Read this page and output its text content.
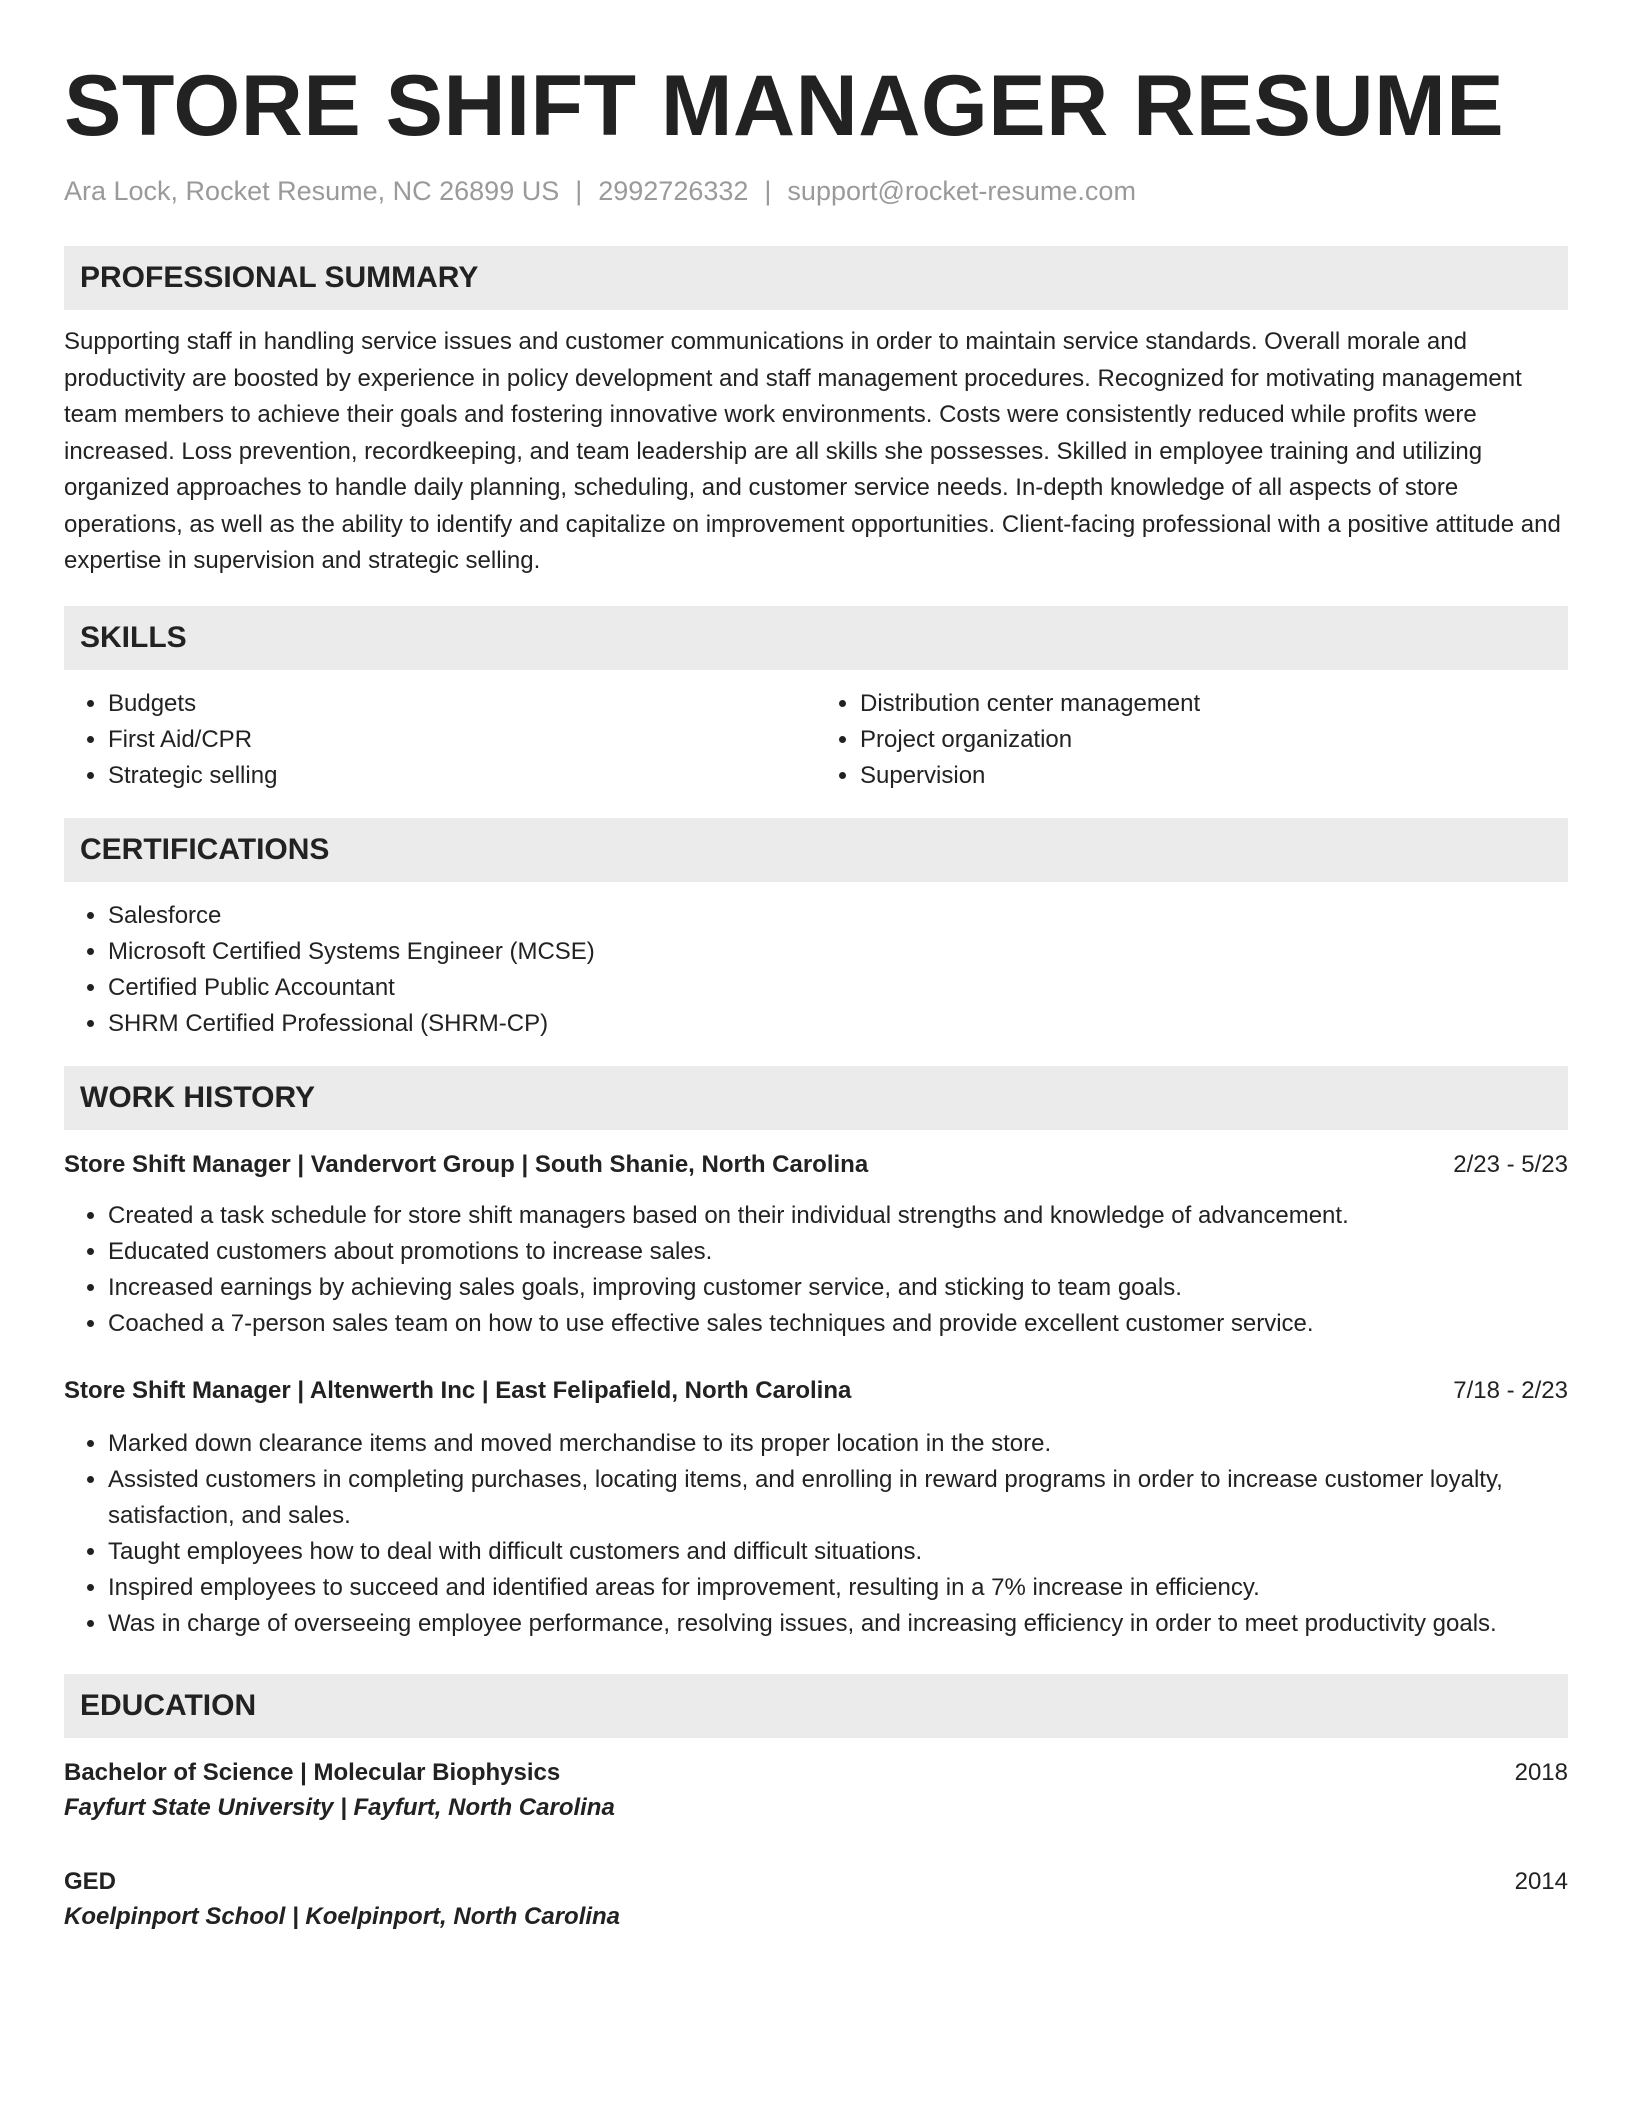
STORE SHIFT MANAGER RESUME
Ara Lock, Rocket Resume, NC 26899 US | 2992726332 | support@rocket-resume.com
PROFESSIONAL SUMMARY

Supporting staff in handling service issues and customer communications in order to maintain service standards. Overall morale and productivity are boosted by experience in policy development and staff management procedures. Recognized for motivating management team members to achieve their goals and fostering innovative work environments. Costs were consistently reduced while profits were increased. Loss prevention, recordkeeping, and team leadership are all skills she possesses. Skilled in employee training and utilizing organized approaches to handle daily planning, scheduling, and customer service needs. In-depth knowledge of all aspects of store operations, as well as the ability to identify and capitalize on improvement opportunities. Client-facing professional with a positive attitude and expertise in supervision and strategic selling.

SKILLS
• Budgets
• First Aid/CPR
• Strategic selling
• Distribution center management
• Project organization
• Supervision
CERTIFICATIONS
• Salesforce
• Microsoft Certified Systems Engineer (MCSE)
• Certified Public Accountant
• SHRM Certified Professional (SHRM-CP)
WORK HISTORY
Store Shift Manager | Vandervort Group | South Shanie, North Carolina	2/23 - 5/23
• Created a task schedule for store shift managers based on their individual strengths and knowledge of advancement.
• Educated customers about promotions to increase sales.
• Increased earnings by achieving sales goals, improving customer service, and sticking to team goals.
• Coached a 7-person sales team on how to use effective sales techniques and provide excellent customer service.
Store Shift Manager | Altenwerth Inc | East Felipafield, North Carolina	7/18 - 2/23
• Marked down clearance items and moved merchandise to its proper location in the store.
• Assisted customers in completing purchases, locating items, and enrolling in reward programs in order to increase customer loyalty, satisfaction, and sales.
• Taught employees how to deal with difficult customers and difficult situations.
• Inspired employees to succeed and identified areas for improvement, resulting in a 7% increase in efficiency.
• Was in charge of overseeing employee performance, resolving issues, and increasing efficiency in order to meet productivity goals.
EDUCATION
Bachelor of Science | Molecular Biophysics	2018
Fayfurt State University | Fayfurt, North Carolina
GED	2014
Koelpinport School | Koelpinport, North Carolina
